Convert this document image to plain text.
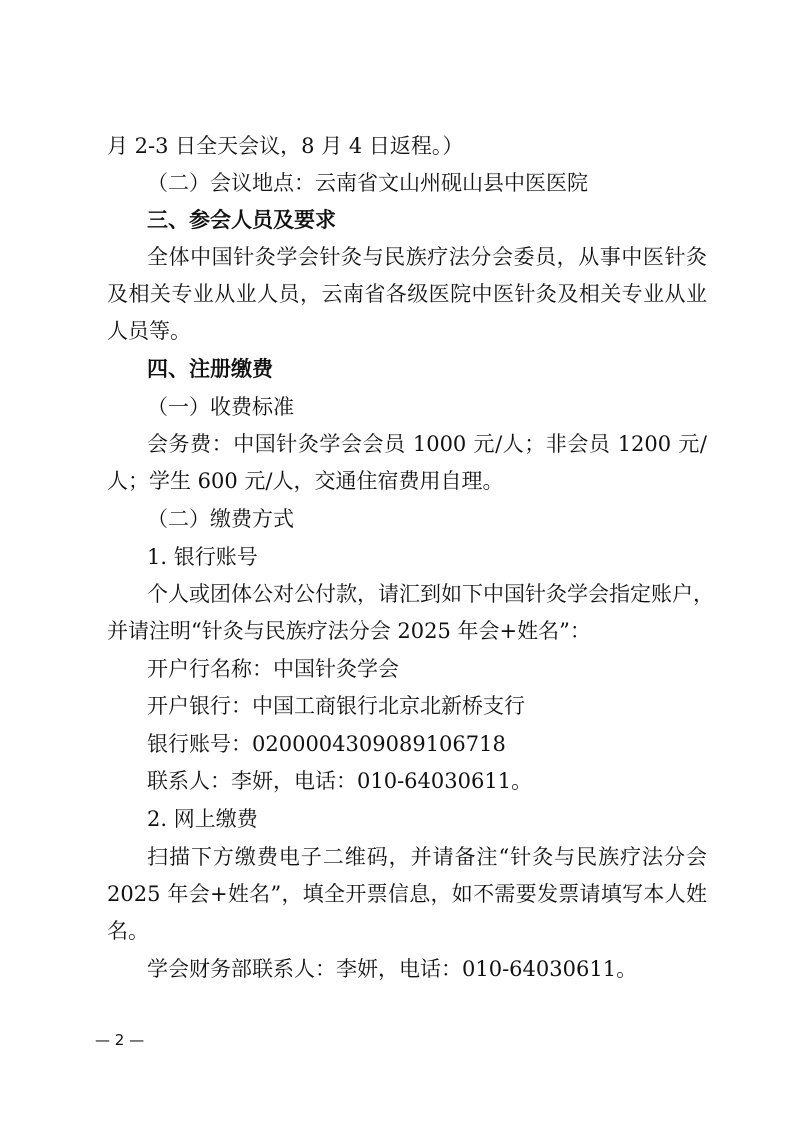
月 2-3 日全天会议，8 月 4 日返程。）
（二）会议地点：云南省文山州砚山县中医医院
三、参会人员及要求
全体中国针灸学会针灸与民族疗法分会委员，从事中医针灸
及相关专业从业人员，云南省各级医院中医针灸及相关专业从业
人员等。
四、注册缴费
（一）收费标准
会务费：中国针灸学会会员 1000 元/人；非会员 1200 元/
人；学生 600 元/人，交通住宿费用自理。
（二）缴费方式
1. 银行账号
个人或团体公对公付款，请汇到如下中国针灸学会指定账户，
并请注明“针灸与民族疗法分会 2025 年会+姓名”：
开户行名称：中国针灸学会
开户银行：中国工商银行北京北新桥支行
银行账号：0200004309089106718
联系人：李妍，电话：010-64030611。
2. 网上缴费
扫描下方缴费电子二维码，并请备注“针灸与民族疗法分会
2025 年会+姓名”，填全开票信息，如不需要发票请填写本人姓
名。
学会财务部联系人：李妍，电话：010-64030611。
— 2 —
